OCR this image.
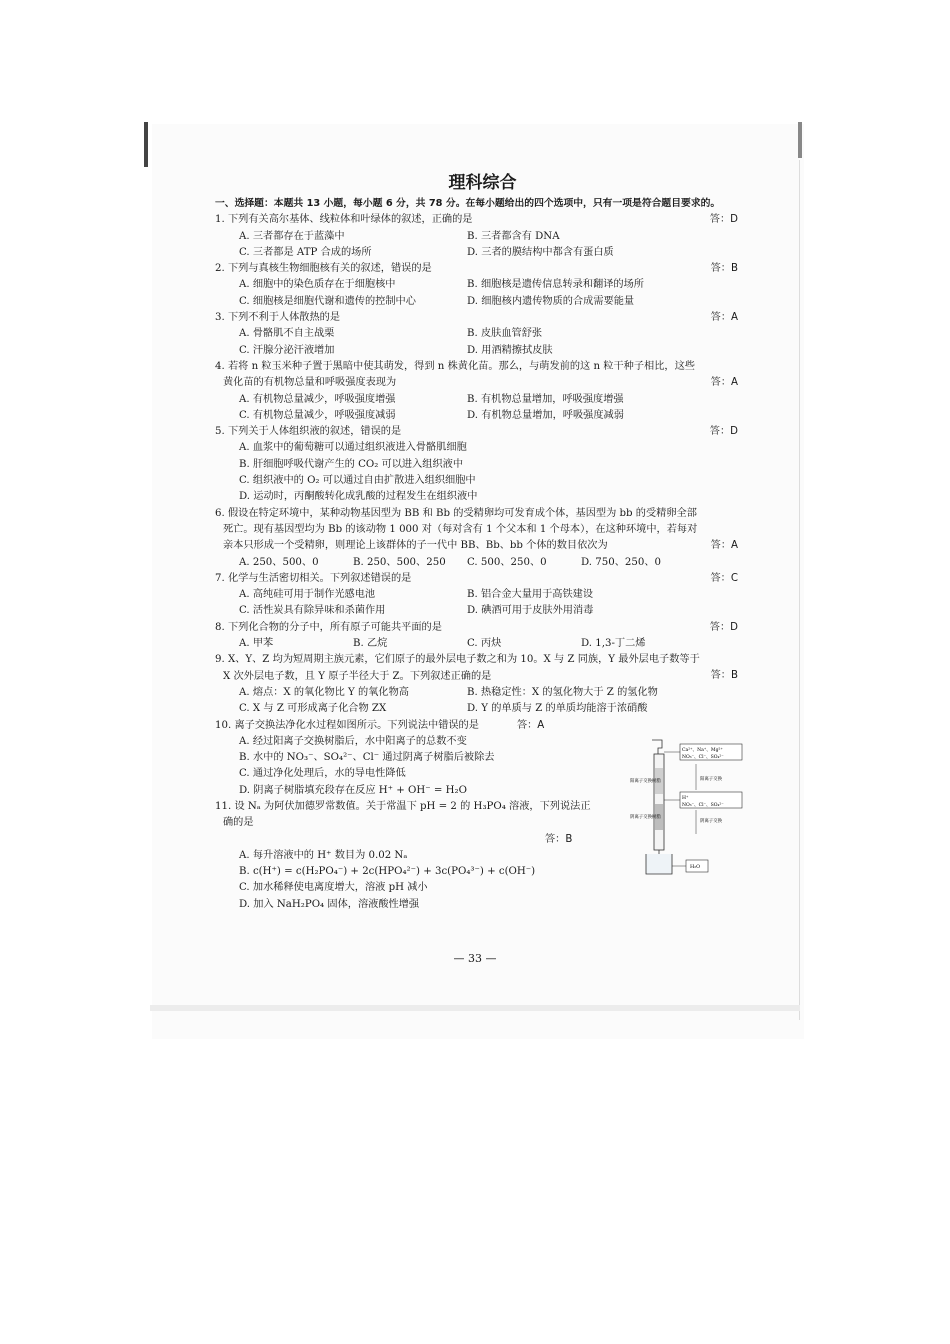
理科综合
一、选择题：本题共 13 小题，每小题 6 分，共 78 分。在每小题给出的四个选项中，只有一项是符合题目要求的。
答：D
1. 下列有关高尔基体、线粒体和叶绿体的叙述，正确的是
A. 三者都存在于蓝藻中	B. 三者都含有 DNA
C. 三者都是 ATP 合成的场所	D. 三者的膜结构中都含有蛋白质
答：B
2. 下列与真核生物细胞核有关的叙述，错误的是
A. 细胞中的染色质存在于细胞核中	B. 细胞核是遗传信息转录和翻译的场所
C. 细胞核是细胞代谢和遗传的控制中心	D. 细胞核内遗传物质的合成需要能量
答：A
3. 下列不利于人体散热的是
A. 骨骼肌不自主战栗	B. 皮肤血管舒张
C. 汗腺分泌汗液增加	D. 用酒精擦拭皮肤
答：A
4. 若将 n 粒玉米种子置于黑暗中使其萌发，得到 n 株黄化苗。那么，与萌发前的这 n 粒干种子相比，这些黄化苗的有机物总量和呼吸强度表现为
A. 有机物总量减少，呼吸强度增强	B. 有机物总量增加，呼吸强度增强
C. 有机物总量减少，呼吸强度减弱	D. 有机物总量增加，呼吸强度减弱
答：D
5. 下列关于人体组织液的叙述，错误的是
A. 血浆中的葡萄糖可以通过组织液进入骨骼肌细胞
B. 肝细胞呼吸代谢产生的 CO₂ 可以进入组织液中
C. 组织液中的 O₂ 可以通过自由扩散进入组织细胞中
D. 运动时，丙酮酸转化成乳酸的过程发生在组织液中
答：A
6. 假设在特定环境中，某种动物基因型为 BB 和 Bb 的受精卵均可发育成个体，基因型为 bb 的受精卵全部死亡。现有基因型均为 Bb 的该动物 1 000 对（每对含有 1 个父本和 1 个母本），在这种环境中，若每对亲本只形成一个受精卵，则理论上该群体的子一代中 BB、Bb、bb 个体的数目依次为
A. 250、500、0	B. 250、500、250	C. 500、250、0	D. 750、250、0
答：C
7. 化学与生活密切相关。下列叙述错误的是
A. 高纯硅可用于制作光感电池	B. 铝合金大量用于高铁建设
C. 活性炭具有除异味和杀菌作用	D. 碘酒可用于皮肤外用消毒
答：D
8. 下列化合物的分子中，所有原子可能共平面的是
A. 甲苯	B. 乙烷	C. 丙炔	D. 1,3-丁二烯
答：B
9. X、Y、Z 均为短周期主族元素，它们原子的最外层电子数之和为 10。X 与 Z 同族，Y 最外层电子数等于 X 次外层电子数，且 Y 原子半径大于 Z。下列叙述正确的是
A. 熔点：X 的氧化物比 Y 的氧化物高	B. 热稳定性：X 的氢化物大于 Z 的氢化物
C. X 与 Z 可形成离子化合物 ZX	D. Y 的单质与 Z 的单质均能溶于浓硝酸
10. 离子交换法净化水过程如图所示。下列说法中错误的是	答：A
A. 经过阳离子交换树脂后，水中阳离子的总数不变
B. 水中的 NO₃⁻、SO₄²⁻、Cl⁻ 通过阴离子树脂后被除去
C. 通过净化处理后，水的导电性降低
D. 阴离子树脂填充段存在反应 H⁺ + OH⁻ = H₂O
11. 设 Nₐ 为阿伏加德罗常数值。关于常温下 pH = 2 的 H₃PO₄ 溶液，下列说法正确的是
答：B
A. 每升溶液中的 H⁺ 数目为 0.02 Nₐ
B. c(H⁺) = c(H₂PO₄⁻) + 2c(HPO₄²⁻) + 3c(PO₄³⁻) + c(OH⁻)
C. 加水稀释使电离度增大，溶液 pH 减小
D. 加入 NaH₂PO₄ 固体，溶液酸性增强
Ca²⁺、Na⁺、Mg²⁺
NO₃⁻、Cl⁻、SO₄²⁻
阳离子交换树脂	阳离子交换
H⁺
NO₃⁻、Cl⁻、SO₄²⁻
阴离子交换树脂
阴离子交换
H₂O
— 33 —
